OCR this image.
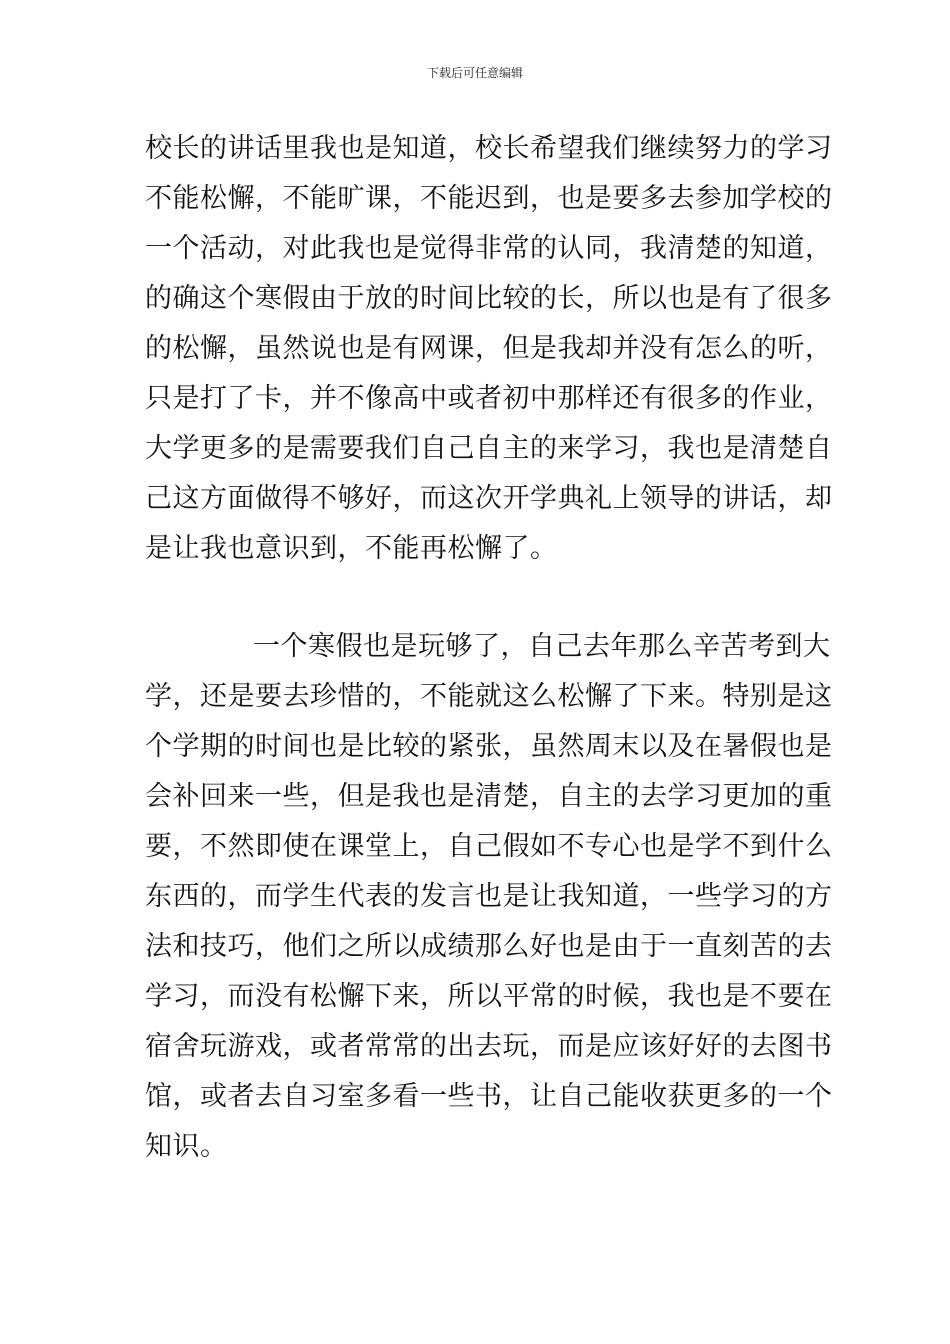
下载后可任意编辑
校长的讲话里我也是知道，校长希望我们继续努力的学习
不能松懈，不能旷课，不能迟到，也是要多去参加学校的
一个活动，对此我也是觉得非常的认同，我清楚的知道，
的确这个寒假由于放的时间比较的长，所以也是有了很多
的松懈，虽然说也是有网课，但是我却并没有怎么的听，
只是打了卡，并不像高中或者初中那样还有很多的作业，
大学更多的是需要我们自己自主的来学习，我也是清楚自
己这方面做得不够好，而这次开学典礼上领导的讲话，却
是让我也意识到，不能再松懈了。
一个寒假也是玩够了，自己去年那么辛苦考到大
学，还是要去珍惜的，不能就这么松懈了下来。特别是这
个学期的时间也是比较的紧张，虽然周末以及在暑假也是
会补回来一些，但是我也是清楚，自主的去学习更加的重
要，不然即使在课堂上，自己假如不专心也是学不到什么
东西的，而学生代表的发言也是让我知道，一些学习的方
法和技巧，他们之所以成绩那么好也是由于一直刻苦的去
学习，而没有松懈下来，所以平常的时候，我也是不要在
宿舍玩游戏，或者常常的出去玩，而是应该好好的去图书
馆，或者去自习室多看一些书，让自己能收获更多的一个
知识。
